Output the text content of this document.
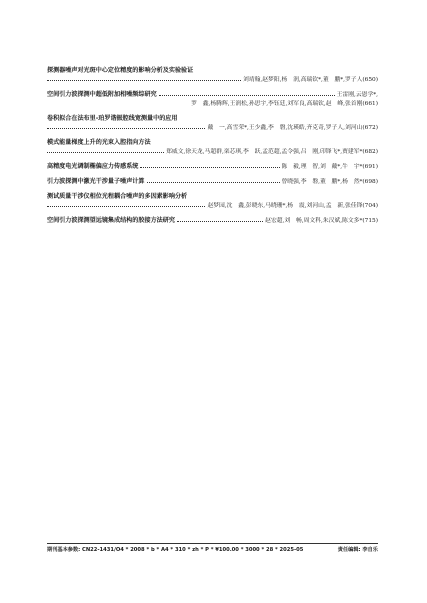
探测器噪声对光斑中心定位精度的影响分析及实验验证
刘靖翰,赵梦阳,杨　润,高瑞钦*,董　鹏*,罗子人(650)
空间引力波探测中超低附加相噪频综研究	王雷刚,云恩学*,
罗　鑫,杨腾辉,王润松,孙思宇,李钰廷,刘军良,高瑞钦,赵　峰,张首刚(661)
卷积拟合在法布里-珀罗谐振腔线宽测量中的应用
戴　一,高雪荣*,王少鑫,李　磐,沈瑛皓,齐克奇,罗子人,刘河山(672)
模式能量梯度上升的光束入腔指向方法
郑威文,徐天龙,马超群,栾芯琪,李　跃,孟范超,孟令强,吕　刚,印锋飞*,贾建军*(682)
高精度电光调制椭偏应力传感系统	陈　毅,理　智,刘　戴*,牛　宇*(691)
引力波探测中激光干涉量子噪声计算	曾晓强,李　磐,董　鹏*,杨　然*(698)
测试质量干涉仪相位光程耦合噪声的多因素影响分析
赵梦园,沈　鑫,彭晓东,马晓珊*,杨　震,刘河山,孟　新,张佳锋(704)
空间引力波探测望远镜集成结构的胶接方法研究	赵宏超,刘　畅,周文科,朱汉斌,陈文多*(715)
期刊基本参数: CN22-1431/O4 * 2008 * b * A4 * 310 * zh * P * ¥100.00 * 3000 * 28 * 2025-05	责任编辑: 李自乐
